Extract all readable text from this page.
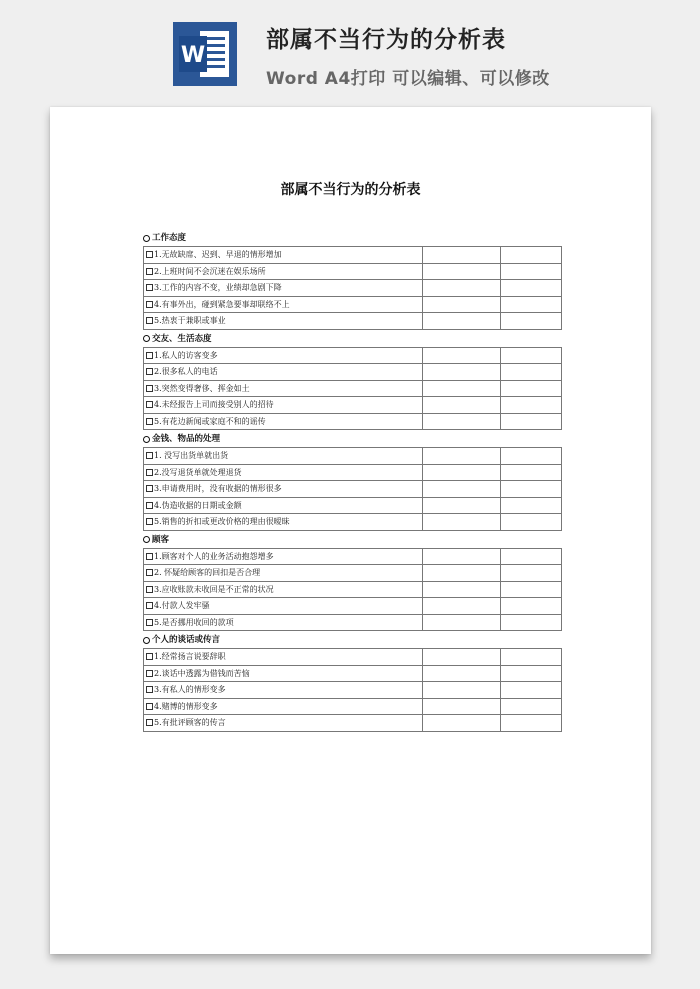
W
部属不当行为的分析表
Word A4打印 可以编辑、可以修改
部属不当行为的分析表
工作态度
1.无故缺席、迟到、早退的情形增加		
2.上班时间不会沉迷在娱乐场所		
3.工作的内容不变，业绩却急剧下降		
4.有事外出，碰到紧急要事却联络不上		
5.热衷于兼职或事业		
交友、生活态度
1.私人的访客变多		
2.很多私人的电话		
3.突然变得奢侈、挥金如土		
4.未经报告上司而接受别人的招待		
5.有花边新闻或家庭不和的谣传		
金钱、物品的处理
1. 没写出货单就出货		
2.没写退货单就处理退货		
3.申请费用时，没有收据的情形很多		
4.伪造收据的日期或金额		
5.销售的折扣或更改价格的理由很暧昧		
顾客
1.顾客对个人的业务活动抱怨增多		
2. 怀疑给顾客的回扣是否合理		
3.应收账款未收回是不正常的状况		
4.付款人发牢骚		
5.是否挪用收回的款项		
个人的谈话或传言
1.经常扬言说要辞职		
2.谈话中透露为借钱而苦恼		
3.有私人的情形变多		
4.赌博的情形变多		
5.有批评顾客的传言		
